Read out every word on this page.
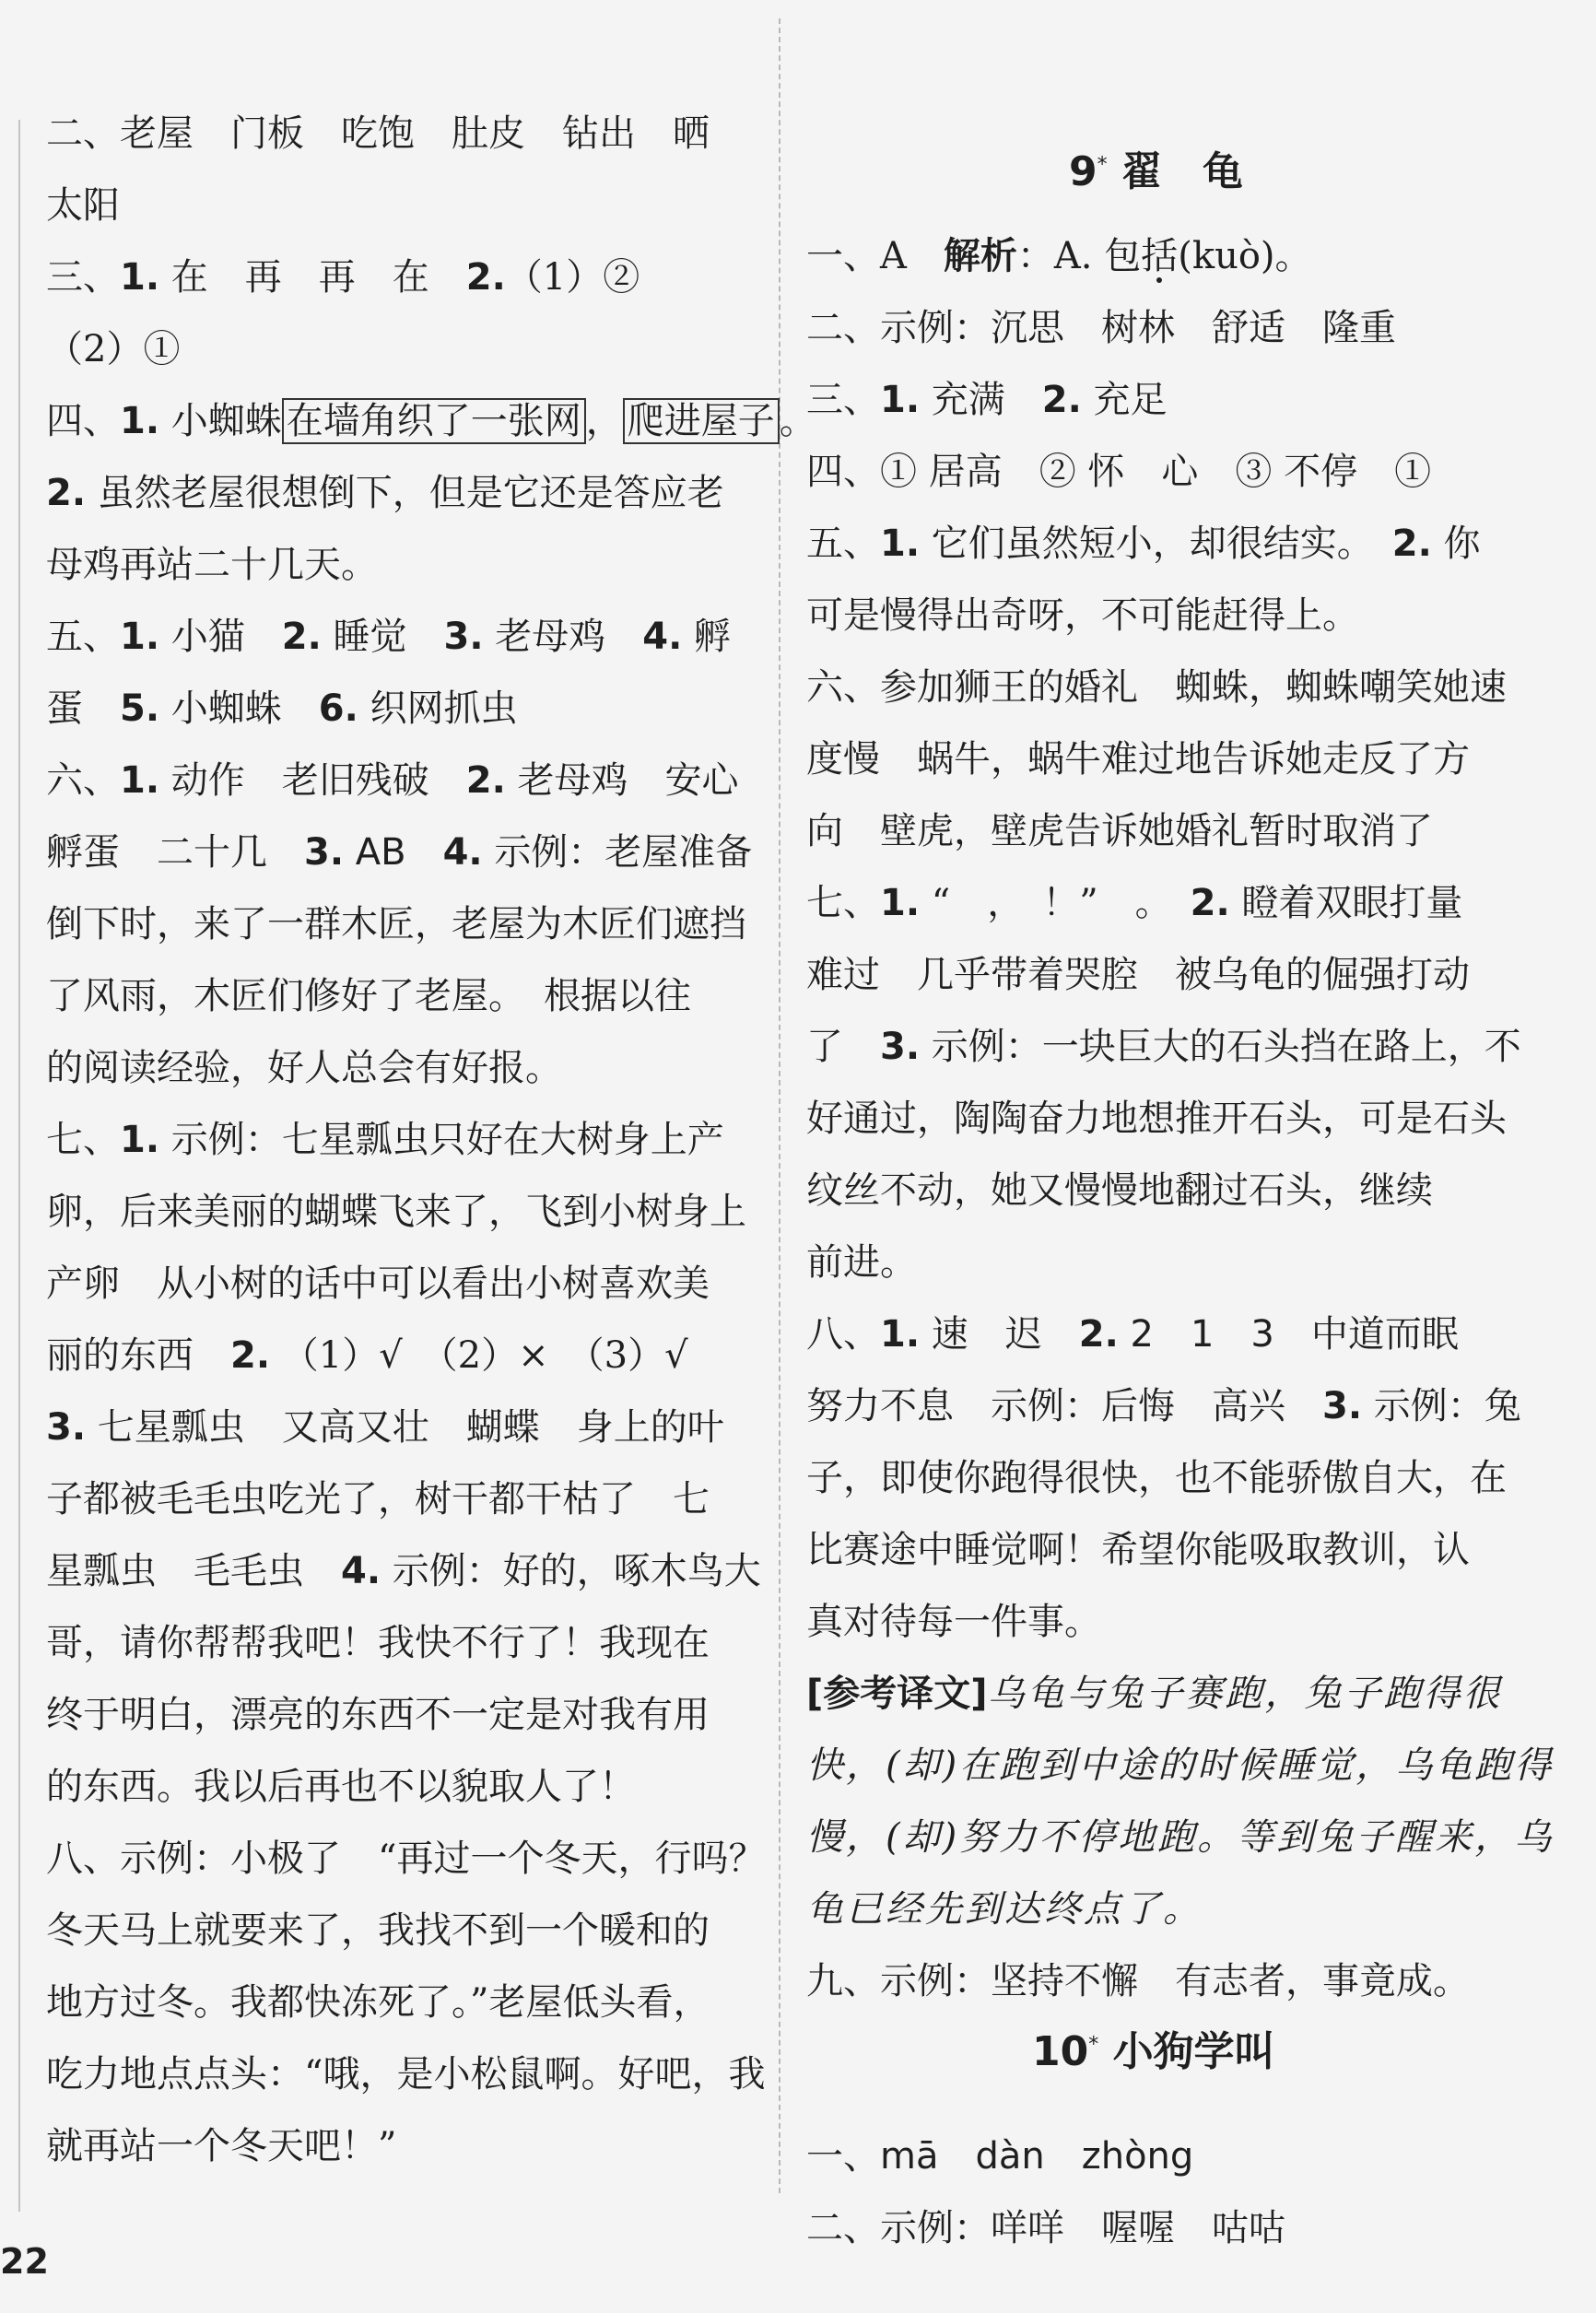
二、老屋　门板　吃饱　肚皮　钻出　晒
太阳
三、1. 在　再　再　在　2.（1）②
（2）①
四、1. 小蜘蛛 在墙角织了一张网 ， 爬进屋子 。
2. 虽然老屋很想倒下，但是它还是答应老
母鸡再站二十几天。
五、1. 小猫　2. 睡觉　3. 老母鸡　4. 孵
蛋　5. 小蜘蛛　6. 织网抓虫
六、1. 动作　老旧残破　2. 老母鸡　安心
孵蛋　二十几　3. AB　4. 示例：老屋准备
倒下时，来了一群木匠，老屋为木匠们遮挡
了风雨，木匠们修好了老屋。　根据以往
的阅读经验，好人总会有好报。
七、1. 示例：七星瓢虫只好在大树身上产
卵，后来美丽的蝴蝶飞来了，飞到小树身上
产卵　从小树的话中可以看出小树喜欢美
丽的东西　2. （1）√　（2）×　（3）√
3. 七星瓢虫　又高又壮　蝴蝶　身上的叶
子都被毛毛虫吃光了，树干都干枯了　七
星瓢虫　毛毛虫　4. 示例：好的，啄木鸟大
哥，请你帮帮我吧！我快不行了！我现在
终于明白，漂亮的东西不一定是对我有用
的东西。我以后再也不以貌取人了！
八、示例：小极了　“再过一个冬天，行吗？
冬天马上就要来了，我找不到一个暖和的
地方过冬。我都快冻死了。”老屋低头看，
吃力地点点头：“哦，是小松鼠啊。好吧，我
就再站一个冬天吧！”
9* 翟　龟
一、A　解析：A. 包括(kuò)。
二、示例：沉思　树林　舒适　隆重
三、1. 充满　2. 充足
四、① 居高　② 怀　心　③ 不停　①
五、1. 它们虽然短小，却很结实。　2. 你
可是慢得出奇呀，不可能赶得上。
六、参加狮王的婚礼　蜘蛛，蜘蛛嘲笑她速
度慢　蜗牛，蜗牛难过地告诉她走反了方
向　壁虎，壁虎告诉她婚礼暂时取消了
七、1. “　，　！”　。　2. 瞪着双眼打量
难过　几乎带着哭腔　被乌龟的倔强打动
了　3. 示例：一块巨大的石头挡在路上，不
好通过，陶陶奋力地想推开石头，可是石头
纹丝不动，她又慢慢地翻过石头，继续
前进。
八、1. 速　迟　2. 2　1　3　中道而眠
努力不息　示例：后悔　高兴　3. 示例：兔
子，即使你跑得很快，也不能骄傲自大，在
比赛途中睡觉啊！希望你能吸取教训，认
真对待每一件事。
[参考译文]乌龟与兔子赛跑，兔子跑得很
快，(却)在跑到中途的时候睡觉，乌龟跑得
慢，(却)努力不停地跑。等到兔子醒来，乌
龟已经先到达终点了。
九、示例：坚持不懈　有志者，事竟成。
一、mā　dàn　zhòng
二、示例：咩咩　喔喔　咕咕
10* 小狗学叫
22
